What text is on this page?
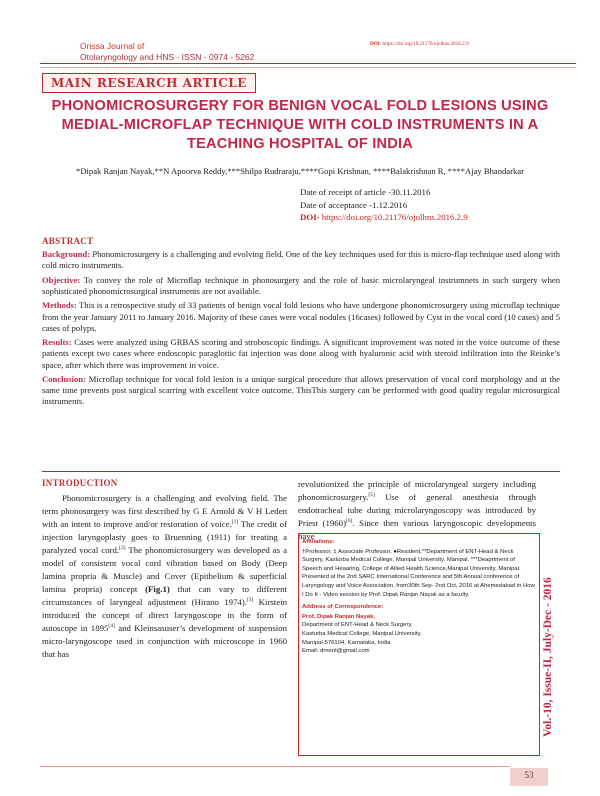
Orissa Journal of
Otolaryngology and HNS - ISSN - 0974 - 5262
DOI: https://doi.org/10.21176/ojolhns.2016.2.9
MAIN RESEARCH ARTICLE
PHONOMICROSURGERY FOR BENIGN VOCAL FOLD LESIONS USING MEDIAL-MICROFLAP TECHNIQUE WITH COLD INSTRUMENTS IN A TEACHING HOSPITAL OF INDIA
*Dipak Ranjan Nayak,**N Apoorva Reddy,***Shilpa Rudraraju,****Gopi Krishnan, ****Balakrishnan R, ****Ajay Bhandarkar
Date of receipt of article -30.11.2016
Date of acceptance -1.12.2016
DOI- https://doi.org/10.21176/ojolhns.2016.2.9
ABSTRACT

Background: Phonomicrosurgery is a challenging and evolving field. One of the key techniques used for this is micro-flap technique used along with cold micro instruments.

Objective: To convey the role of Microflap technique in phonosurgery and the role of basic microlaryngeal instrumnets in such surgery when sophisticated phonomicrosurgical instruments are not available.

Methods: This is a retrospective study of 33 patients of benign vocal fold lesions who have undergone phonomicrosurgery using microflap technique from the year January 2011 to January 2016. Majority of these cases were vocal nodules (16cases) followed by Cyst in the vocal cord (10 cases) and 5 cases of polyps.

Results: Cases were analyzed using GRBAS scoring and stroboscopic findings. A significant improvement was noted in the voice outcome of these patients except two cases where endoscopic paraglottic fat injection was done along with hyaluronic acid with steroid infiltration into the Reinke’s space, after which there was improvement in voice.

Conclusion: Microflap technique for vocal fold lesion is a unique surgical procedure that allows preservation of vocal cord morphology and at the same time prevents post surgical scarring with excellent voice outcome. ThisThis surgery can be performed with good quality regular microsurgical instruments.

INTRODUCTION

Phonomicrosurgery is a challenging and evolving field. The term phonosurgery was first described by G E Arnold & V H Leden with an intent to improve and/or restoration of voice.[1] The credit of injection laryngoplasty goes to Bruenning (1911) for treating a paralyzed vocal cord.[2] The phonomicrosurgery was developed as a model of consistent vocal cord vibration based on Body (Deep lamina propria & Muscle) and Cover (Epithelium & superficial lamina propria) concept (Fig.1) that can vary to different circumstances of laryngeal adjustment (Hirano 1974).[3] Kirstein introduced the concept of direct laryngoscope in the form of autoscope in 1895[4] and Kleinsasuser’s development of suspension micro-laryngoscope used in conjunction with microscope in 1960 that has

revolutionized the principle of microlaryngeal surgery including phonomicrosurgery.[5] Use of general anesthesia through endotracheal tube during microlaryngoscopy was introduced by Priest (1960)[6]. Since then various laryngoscopic developments have

Affiliations:

†Professor, ‡ Associate Professor, ●Resident,**Department of ENT-Head & Neck Surgery, Kasturba Medical College, Manipal University, Manipal. ***Deaprtment of Speech and Heaaring, College of Allied Health Science,Manipal University, Manipal.

Presented at the 2nd SARC International Conference and 5th Annual conference of Laryngology and Voice Association, from30th Sep- 2nd Oct, 2016 at Ahemedabad in How I Do It - Video session by Prof. Dipak Ranjan Nayak as a faculty.

Address of Correspondence:

Prof. Dipak Ranjan Nayak,

Department of ENT-Head & Neck Surgery,

Kasturba Medical College, Manipal University,

Manipal-576104, Karnataka, India

Email: drnent@gmail.com	Vol.-10, Issue-II, July-Dec - 2016
53
